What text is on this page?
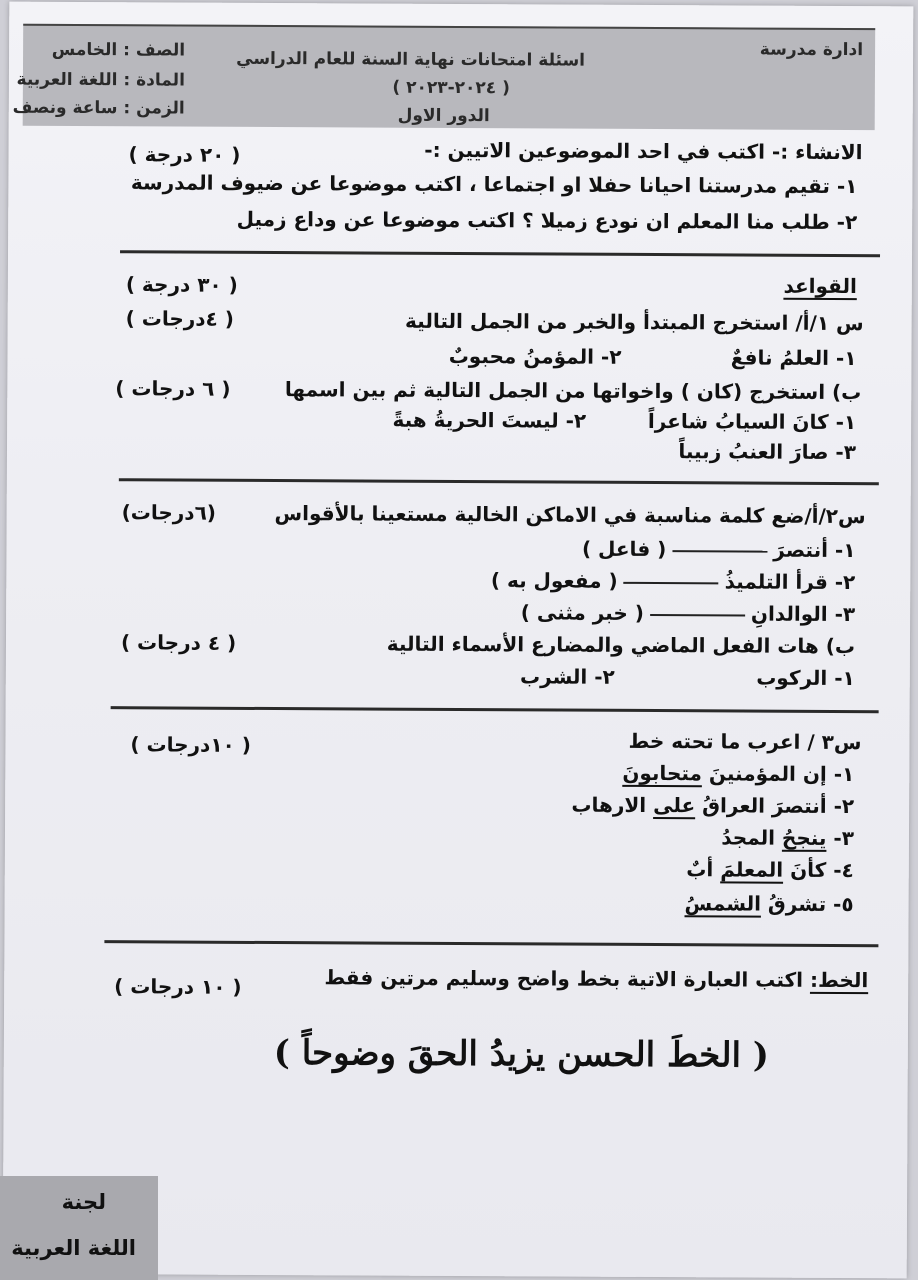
ادارة مدرسة
اسئلة امتحانات نهاية السنة للعام الدراسي
( ٢٠٢٤-٢٠٢٣ )
الدور الاول
الصف : الخامس
المادة : اللغة العربية
الزمن : ساعة ونصف
الانشاء :- اكتب في احد الموضوعين الاتيين :-
( ٢٠ درجة )
١- تقيم مدرستنا احيانا حفلا او اجتماعا ، اكتب موضوعا عن ضيوف المدرسة
٢- طلب منا المعلم ان نودع زميلا ؟ اكتب موضوعا عن وداع زميل
القواعد
( ٣٠ درجة )
س ١/أ/ استخرج المبتدأ والخبر من الجمل التالية
( ٤درجات )
١- العلمُ نافعٌ
٢- المؤمنُ محبوبٌ
ب) استخرج (كان ) واخواتها من الجمل التالية ثم بين اسمها
( ٦ درجات )
١- كانَ السيابُ شاعراً
٢- ليستَ الحريةُ هبةً
٣- صارَ العنبُ زبيباً
س٢/أ/ضع كلمة مناسبة في الاماكن الخالية مستعينا بالأقواس
(٦درجات)
١- أنتصرَ( فاعل )
٢- قرأ التلميذُ( مفعول به )
٣- الوالدانِ( خبر مثنى )
ب) هات الفعل الماضي والمضارع الأسماء التالية
( ٤ درجات )
١- الركوب
٢- الشرب
س٣ / اعرب ما تحته خط
( ١٠درجات )
١- إن المؤمنينَ متحابونَ
٢- أنتصرَ العراقُ على الارهاب
٣- ينجحُ المجدُ
٤- كأنَ المعلمَ أبٌ
٥- تشرقُ الشمسُ
الخط: اكتب العبارة الاتية بخط واضح وسليم مرتين فقط
( ١٠ درجات )
( الخطَ الحسن يزيدُ الحقَ وضوحاً )
لجنة
اللغة العربية
